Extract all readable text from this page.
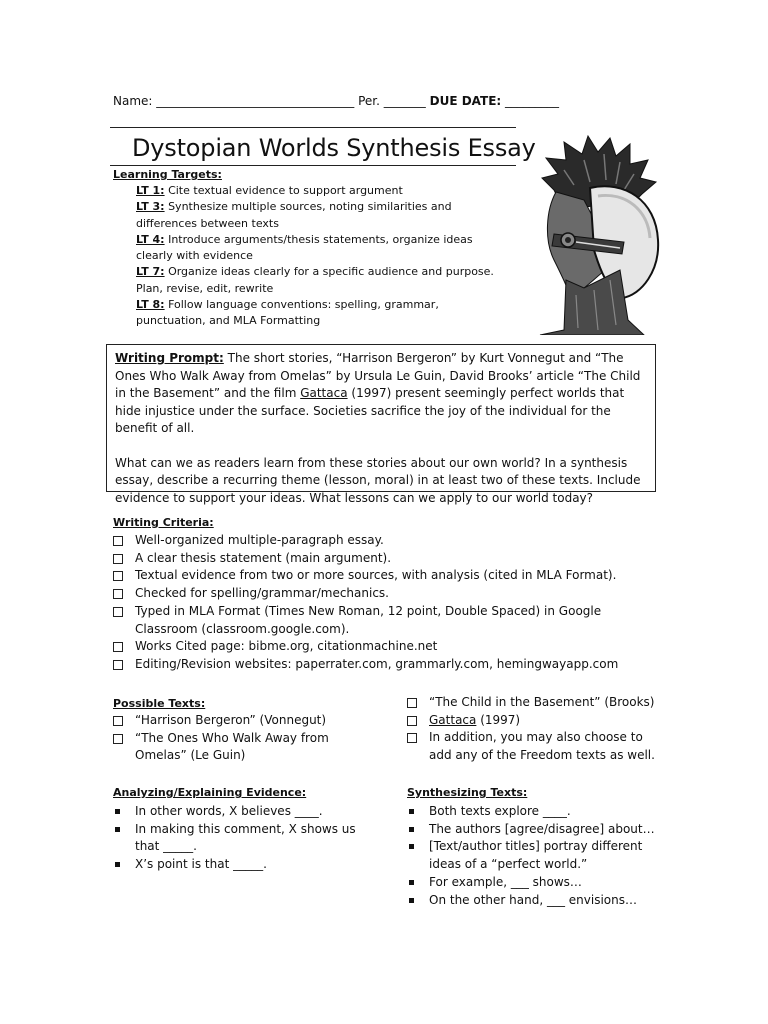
Name: _________________________________ Per. _______ DUE DATE: _________
Dystopian Worlds Synthesis Essay
Learning Targets:
LT 1: Cite textual evidence to support argument
LT 3: Synthesize multiple sources, noting similarities and differences between texts
LT 4: Introduce arguments/thesis statements, organize ideas clearly with evidence
LT 7: Organize ideas clearly for a specific audience and purpose. Plan, revise, edit, rewrite
LT 8: Follow language conventions: spelling, grammar, punctuation, and MLA Formatting

Writing Prompt: The short stories, “Harrison Bergeron” by Kurt Vonnegut and “The Ones Who Walk Away from Omelas” by Ursula Le Guin, David Brooks’ article “The Child in the Basement” and the film Gattaca (1997) present seemingly perfect worlds that hide injustice under the surface. Societies sacrifice the joy of the individual for the benefit of all.

What can we as readers learn from these stories about our own world? In a synthesis essay, describe a recurring theme (lesson, moral) in at least two of these texts. Include evidence to support your ideas. What lessons can we apply to our world today?

Writing Criteria:
Well-organized multiple-paragraph essay.
A clear thesis statement (main argument).
Textual evidence from two or more sources, with analysis (cited in MLA Format).
Checked for spelling/grammar/mechanics.
Typed in MLA Format (Times New Roman, 12 point, Double Spaced) in Google Classroom (classroom.google.com).
Works Cited page: bibme.org, citationmachine.net
Editing/Revision websites: paperrater.com, grammarly.com, hemingwayapp.com
Possible Texts:
“Harrison Bergeron” (Vonnegut)
“The Ones Who Walk Away from Omelas” (Le Guin)
“The Child in the Basement” (Brooks)
Gattaca (1997)
In addition, you may also choose to add any of the Freedom texts as well.
Analyzing/Explaining Evidence:
In other words, X believes ____.
In making this comment, X shows us that _____.
X’s point is that _____.
Synthesizing Texts:
Both texts explore ____.
The authors [agree/disagree] about…
[Text/author titles] portray different ideas of a “perfect world.”
For example, ___ shows…
On the other hand, ___ envisions…
